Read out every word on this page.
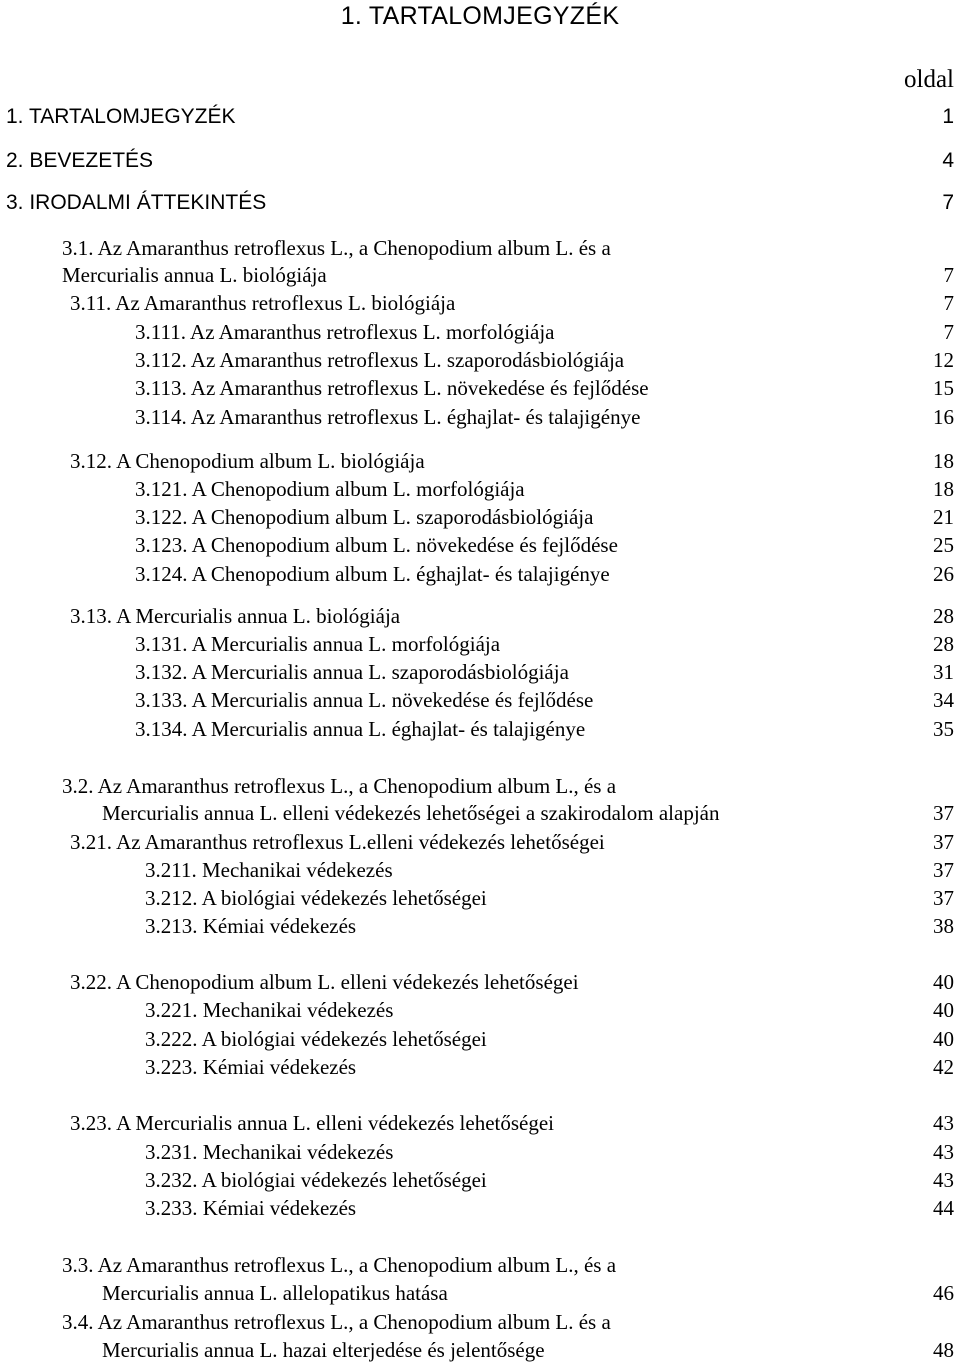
1. TARTALOMJEGYZÉK
oldal
1. TARTALOMJEGYZÉK	1
2. BEVEZETÉS	4
3. IRODALMI ÁTTEKINTÉS	7
3.1. Az Amaranthus retroflexus L., a Chenopodium album L. és a
Mercurialis annua L. biológiája	7
3.11. Az Amaranthus retroflexus L. biológiája	7
3.111. Az Amaranthus retroflexus L. morfológiája	7
3.112. Az Amaranthus retroflexus L. szaporodásbiológiája	12
3.113. Az Amaranthus retroflexus L. növekedése és fejlődése	15
3.114. Az Amaranthus retroflexus L. éghajlat- és talajigénye	16
3.12. A Chenopodium album L. biológiája	18
3.121. A Chenopodium album L. morfológiája	18
3.122. A Chenopodium album L. szaporodásbiológiája	21
3.123. A Chenopodium album L. növekedése és fejlődése	25
3.124. A Chenopodium album L. éghajlat- és talajigénye	26
3.13. A Mercurialis annua L. biológiája	28
3.131. A Mercurialis annua L. morfológiája	28
3.132. A Mercurialis annua L. szaporodásbiológiája	31
3.133. A Mercurialis annua L. növekedése és fejlődése	34
3.134. A Mercurialis annua L. éghajlat- és talajigénye	35
3.2. Az Amaranthus retroflexus L., a Chenopodium album L., és a
Mercurialis annua L. elleni védekezés lehetőségei a szakirodalom alapján	37
3.21. Az Amaranthus retroflexus L.elleni védekezés lehetőségei	37
3.211. Mechanikai védekezés	37
3.212. A biológiai védekezés lehetőségei	37
3.213. Kémiai védekezés	38
3.22. A Chenopodium album L. elleni védekezés lehetőségei	40
3.221. Mechanikai védekezés	40
3.222. A biológiai védekezés lehetőségei	40
3.223. Kémiai védekezés	42
3.23. A Mercurialis annua L. elleni védekezés lehetőségei	43
3.231. Mechanikai védekezés	43
3.232. A biológiai védekezés lehetőségei	43
3.233. Kémiai védekezés	44
3.3. Az Amaranthus retroflexus L., a Chenopodium album L., és a
Mercurialis annua L. allelopatikus hatása	46
3.4. Az Amaranthus retroflexus L., a Chenopodium album L. és a
Mercurialis annua L. hazai elterjedése és jelentősége	48
